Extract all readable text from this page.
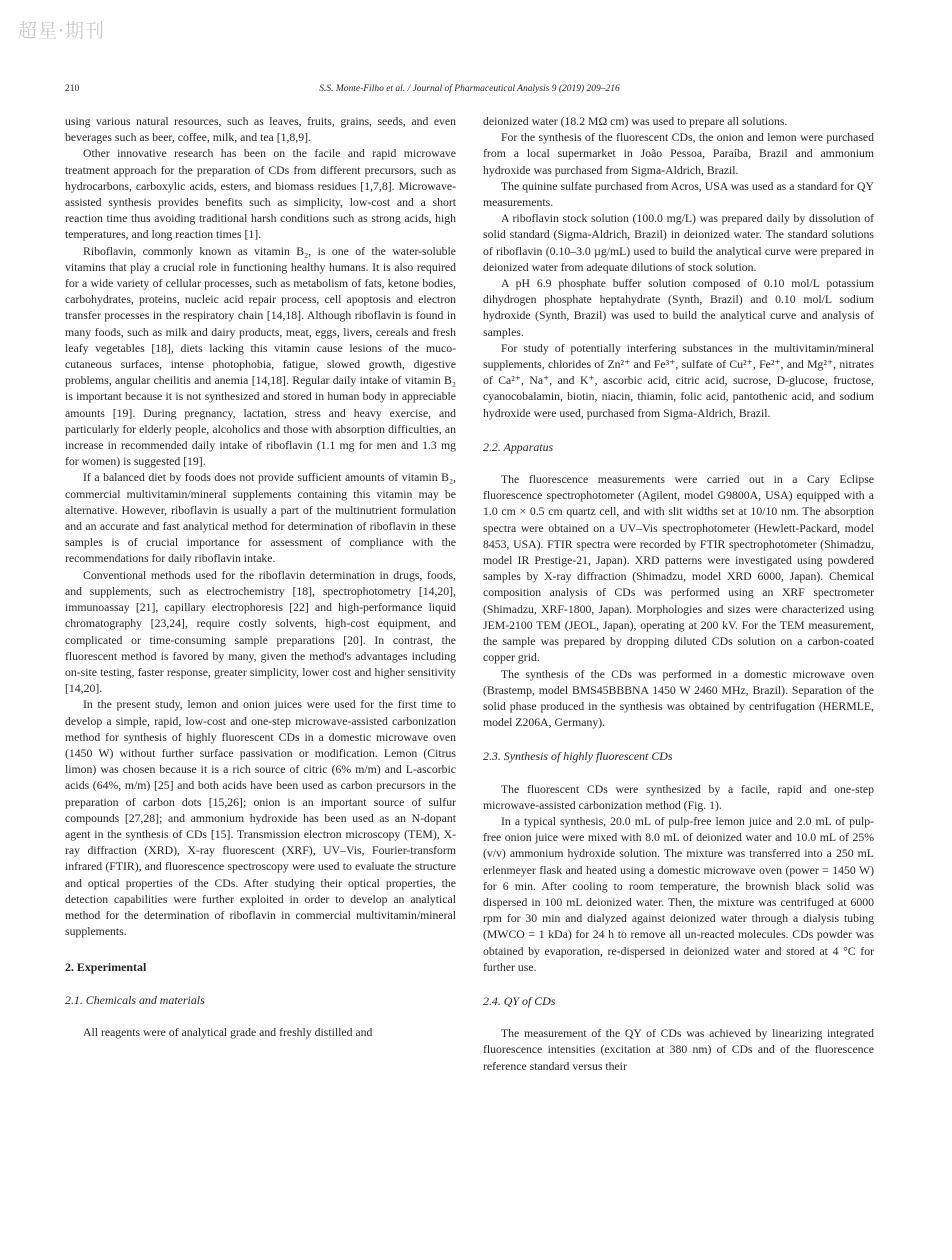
超星·期刊
210	S.S. Monte-Filho et al. / Journal of Pharmaceutical Analysis 9 (2019) 209–216

using various natural resources, such as leaves, fruits, grains, seeds, and even beverages such as beer, coffee, milk, and tea [1,8,9].

Other innovative research has been on the facile and rapid microwave treatment approach for the preparation of CDs from different precursors, such as hydrocarbons, carboxylic acids, esters, and biomass residues [1,7,8]. Microwave-assisted synthesis provides benefits such as simplicity, low-cost and a short reaction time thus avoiding traditional harsh conditions such as strong acids, high temperatures, and long reaction times [1].

Riboflavin, commonly known as vitamin B₂, is one of the water-soluble vitamins that play a crucial role in functioning healthy humans. It is also required for a wide variety of cellular processes, such as metabolism of fats, ketone bodies, carbohydrates, proteins, nucleic acid repair process, cell apoptosis and electron transfer processes in the respiratory chain [14,18]. Although riboflavin is found in many foods, such as milk and dairy products, meat, eggs, livers, cereals and fresh leafy vegetables [18], diets lacking this vitamin cause lesions of the muco-cutaneous surfaces, intense photophobia, fatigue, slowed growth, digestive problems, angular cheilitis and anemia [14,18]. Regular daily intake of vitamin B₂ is important because it is not synthesized and stored in human body in appreciable amounts [19]. During pregnancy, lactation, stress and heavy exercise, and particularly for elderly people, alcoholics and those with absorption difficulties, an increase in recommended daily intake of riboflavin (1.1 mg for men and 1.3 mg for women) is suggested [19].

If a balanced diet by foods does not provide sufficient amounts of vitamin B₂, commercial multivitamin/mineral supplements containing this vitamin may be alternative. However, riboflavin is usually a part of the multinutrient formulation and an accurate and fast analytical method for determination of riboflavin in these samples is of crucial importance for assessment of compliance with the recommendations for daily riboflavin intake.

Conventional methods used for the riboflavin determination in drugs, foods, and supplements, such as electrochemistry [18], spectrophotometry [14,20], immunoassay [21], capillary electrophoresis [22] and high-performance liquid chromatography [23,24], require costly solvents, high-cost equipment, and complicated or time-consuming sample preparations [20]. In contrast, the fluorescent method is favored by many, given the method's advantages including on-site testing, faster response, greater simplicity, lower cost and higher sensitivity [14,20].

In the present study, lemon and onion juices were used for the first time to develop a simple, rapid, low-cost and one-step microwave-assisted carbonization method for synthesis of highly fluorescent CDs in a domestic microwave oven (1450 W) without further surface passivation or modification. Lemon (Citrus limon) was chosen because it is a rich source of citric (6% m/m) and L-ascorbic acids (64%, m/m) [25] and both acids have been used as carbon precursors in the preparation of carbon dots [15,26]; onion is an important source of sulfur compounds [27,28]; and ammonium hydroxide has been used as an N-dopant agent in the synthesis of CDs [15]. Transmission electron microscopy (TEM), X-ray diffraction (XRD), X-ray fluorescent (XRF), UV–Vis, Fourier-transform infrared (FTIR), and fluorescence spectroscopy were used to evaluate the structure and optical properties of the CDs. After studying their optical properties, the detection capabilities were further exploited in order to develop an analytical method for the determination of riboflavin in commercial multivitamin/mineral supplements.

2. Experimental
2.1. Chemicals and materials

All reagents were of analytical grade and freshly distilled and

deionized water (18.2 MΩ cm) was used to prepare all solutions.

For the synthesis of the fluorescent CDs, the onion and lemon were purchased from a local supermarket in João Pessoa, Paraíba, Brazil and ammonium hydroxide was purchased from Sigma-Aldrich, Brazil.

The quinine sulfate purchased from Acros, USA was used as a standard for QY measurements.

A riboflavin stock solution (100.0 mg/L) was prepared daily by dissolution of solid standard (Sigma-Aldrich, Brazil) in deionized water. The standard solutions of riboflavin (0.10–3.0 µg/mL) used to build the analytical curve were prepared in deionized water from adequate dilutions of stock solution.

A pH 6.9 phosphate buffer solution composed of 0.10 mol/L potassium dihydrogen phosphate heptahydrate (Synth, Brazil) and 0.10 mol/L sodium hydroxide (Synth, Brazil) was used to build the analytical curve and analysis of samples.

For study of potentially interfering substances in the multivitamin/mineral supplements, chlorides of Zn²⁺ and Fe³⁺, sulfate of Cu²⁺, Fe²⁺, and Mg²⁺, nitrates of Ca²⁺, Na⁺, and K⁺, ascorbic acid, citric acid, sucrose, D-glucose, fructose, cyanocobalamin, biotin, niacin, thiamin, folic acid, pantothenic acid, and sodium hydroxide were used, purchased from Sigma-Aldrich, Brazil.

2.2. Apparatus

The fluorescence measurements were carried out in a Cary Eclipse fluorescence spectrophotometer (Agilent, model G9800A, USA) equipped with a 1.0 cm × 0.5 cm quartz cell, and with slit widths set at 10/10 nm. The absorption spectra were obtained on a UV–Vis spectrophotometer (Hewlett-Packard, model 8453, USA). FTIR spectra were recorded by FTIR spectrophotometer (Shimadzu, model IR Prestige-21, Japan). XRD patterns were investigated using powdered samples by X-ray diffraction (Shimadzu, model XRD 6000, Japan). Chemical composition analysis of CDs was performed using an XRF spectrometer (Shimadzu, XRF-1800, Japan). Morphologies and sizes were characterized using JEM-2100 TEM (JEOL, Japan), operating at 200 kV. For the TEM measurement, the sample was prepared by dropping diluted CDs solution on a carbon-coated copper grid.

The synthesis of the CDs was performed in a domestic microwave oven (Brastemp, model BMS45BBBNA 1450 W 2460 MHz, Brazil). Separation of the solid phase produced in the synthesis was obtained by centrifugation (HERMLE, model Z206A, Germany).

2.3. Synthesis of highly fluorescent CDs

The fluorescent CDs were synthesized by a facile, rapid and one-step microwave-assisted carbonization method (Fig. 1).

In a typical synthesis, 20.0 mL of pulp-free lemon juice and 2.0 mL of pulp-free onion juice were mixed with 8.0 mL of deionized water and 10.0 mL of 25% (v/v) ammonium hydroxide solution. The mixture was transferred into a 250 mL erlenmeyer flask and heated using a domestic microwave oven (power = 1450 W) for 6 min. After cooling to room temperature, the brownish black solid was dispersed in 100 mL deionized water. Then, the mixture was centrifuged at 6000 rpm for 30 min and dialyzed against deionized water through a dialysis tubing (MWCO = 1 kDa) for 24 h to remove all un-reacted molecules. CDs powder was obtained by evaporation, re-dispersed in deionized water and stored at 4 °C for further use.

2.4. QY of CDs

The measurement of the QY of CDs was achieved by linearizing integrated fluorescence intensities (excitation at 380 nm) of CDs and of the fluorescence reference standard versus their
